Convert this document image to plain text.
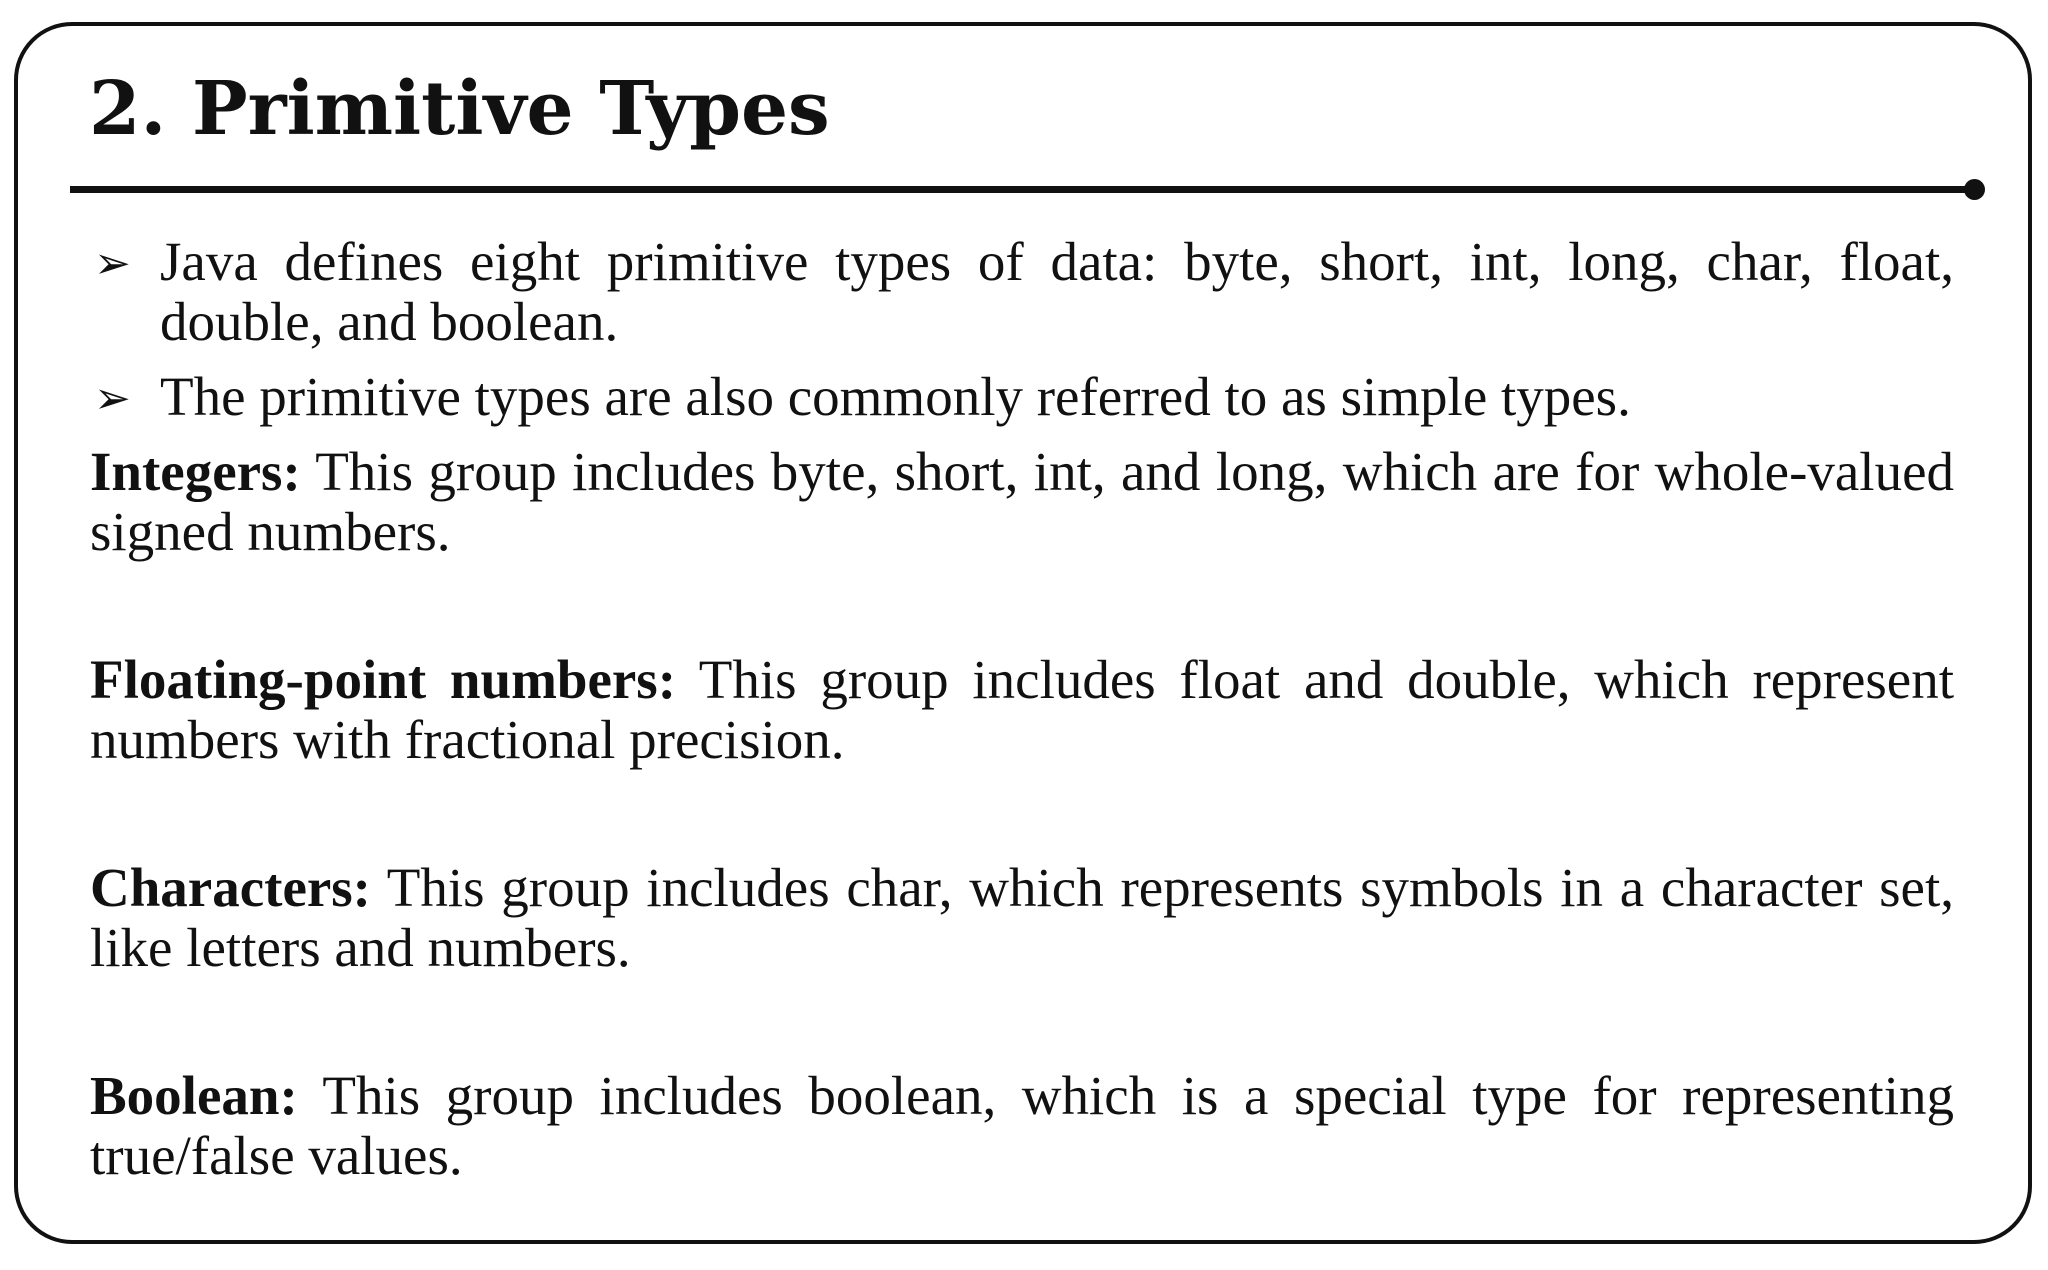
2. Primitive Types
➢ Java defines eight primitive types of data: byte, short, int, long, char, float, double, and boolean.
➢ The primitive types are also commonly referred to as simple types.

Integers: This group includes byte, short, int, and long, which are for whole-valued signed numbers.

Floating-point numbers: This group includes float and double, which represent numbers with fractional precision.

Characters: This group includes char, which represents symbols in a character set, like letters and numbers.

Boolean: This group includes boolean, which is a special type for representing true/false values.
